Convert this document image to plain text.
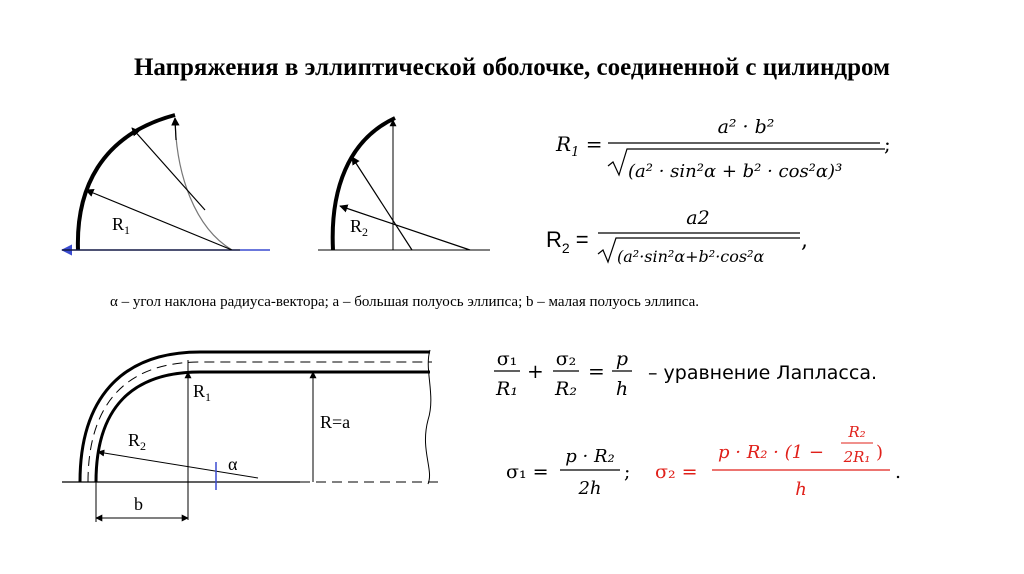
Напряжения в эллиптической оболочке, соединенной с цилиндром
$R_1$	$R_2$
$R_1$ =
a² · b²
(a² · sin²α + b² · cos²α)³
;
$R_2$ =
a2
(a²·sin²α+b²·cos²α
,
b
$R_1$
R=a
$R_2$
α
σ₁
R₁
+ σ₂
R₂
= p
h
– уравнение Лапласса.
σ₁ =
p · R₂
2h
; σ₂ =
p · R₂ · (1 −
R₂
2R₁ )
h
.
α – угол наклона радиуса-вектора; a – большая полуось эллипса; b – малая полуось эллипса.
